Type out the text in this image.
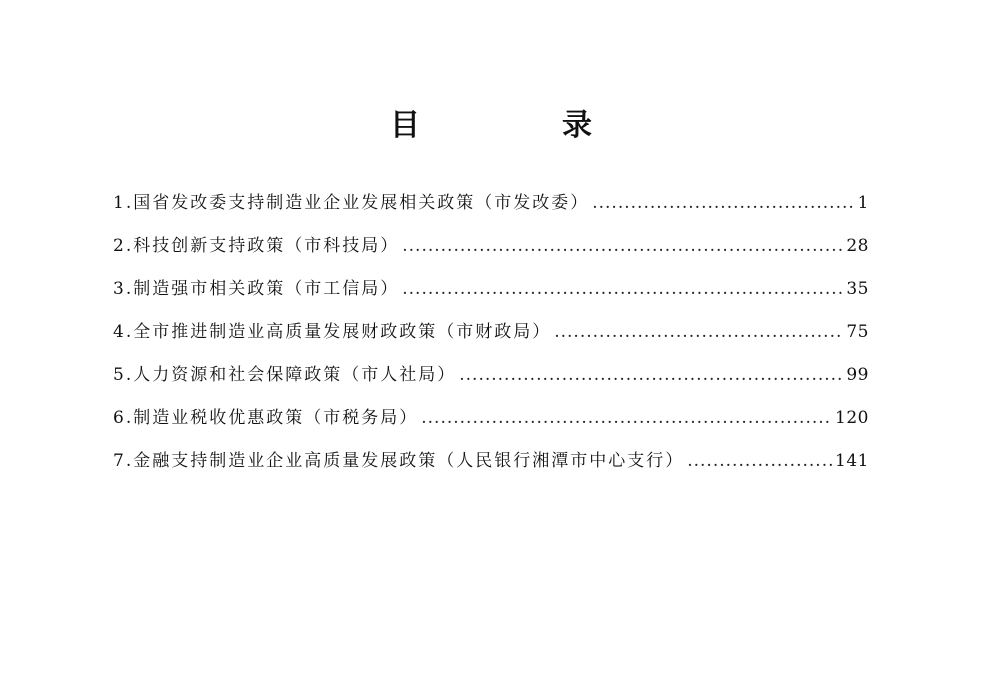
目　录
1.国省发改委支持制造业企业发展相关政策（市发改委） .....	1
2.科技创新支持政策（市科技局） .....	28
3.制造强市相关政策（市工信局） .....	35
4.全市推进制造业高质量发展财政政策（市财政局） .....	75
5.人力资源和社会保障政策（市人社局） .....	99
6.制造业税收优惠政策（市税务局） .....	120
7.金融支持制造业企业高质量发展政策（人民银行湘潭市中心支行） .....	141
